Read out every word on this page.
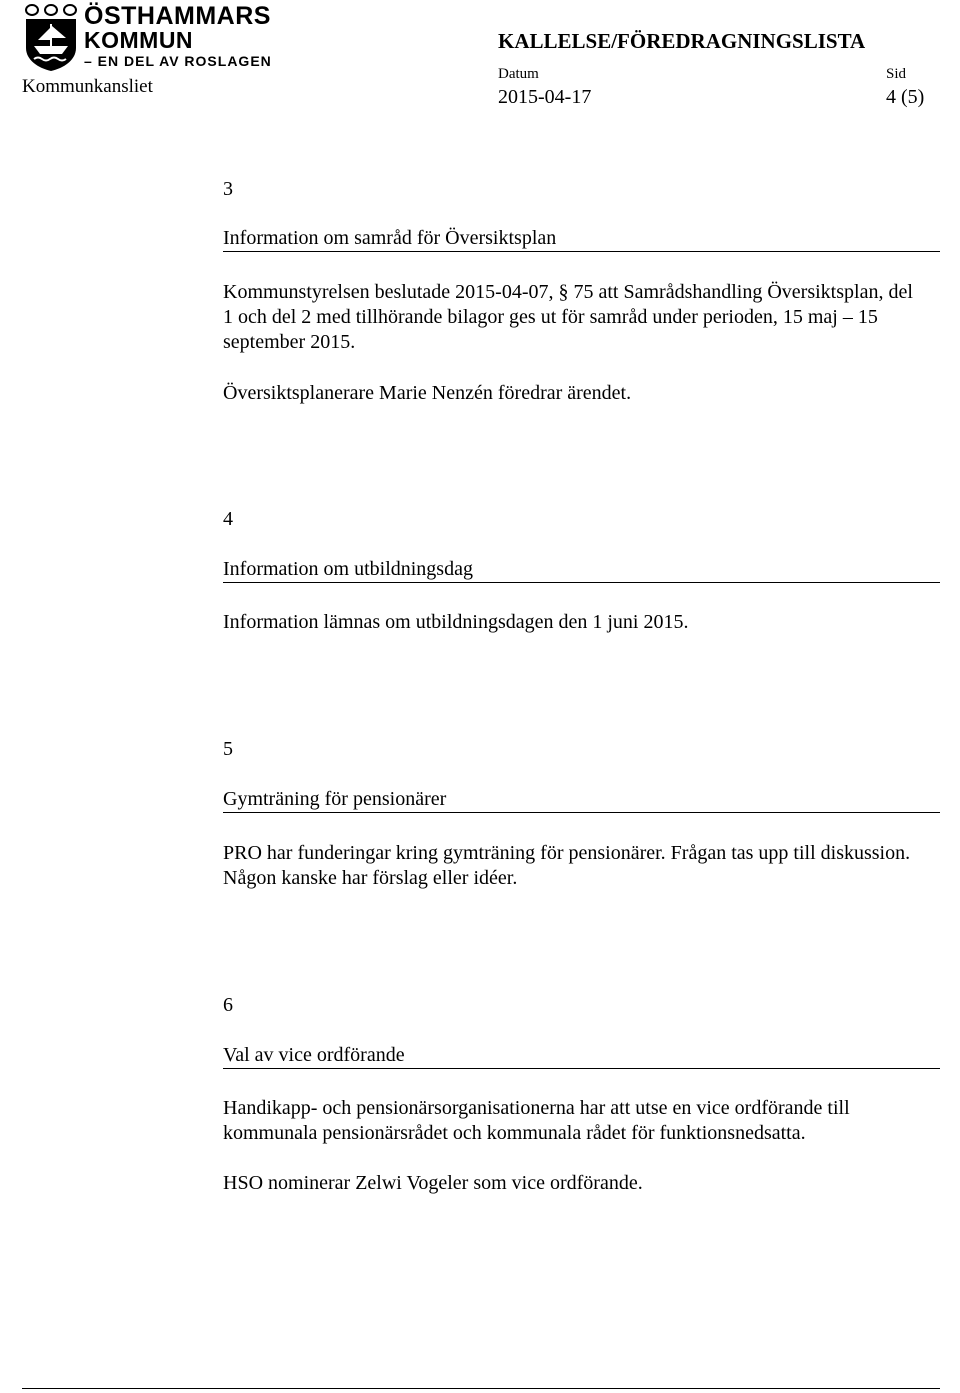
ÖSTHAMMARS
KOMMUN
– EN DEL AV ROSLAGEN
Kommunkansliet
KALLELSE/FÖREDRAGNINGSLISTA
Datum	Sid
2015-04-17	4 (5)
3
Information om samråd för Översiktsplan
Kommunstyrelsen beslutade 2015-04-07, § 75 att Samrådshandling Översiktsplan, del 1 och del 2 med tillhörande bilagor ges ut för samråd under perioden, 15 maj – 15 september 2015.
Översiktsplanerare Marie Nenzén föredrar ärendet.
4
Information om utbildningsdag
Information lämnas om utbildningsdagen den 1 juni 2015.
5
Gymträning för pensionärer
PRO har funderingar kring gymträning för pensionärer. Frågan tas upp till diskussion. Någon kanske har förslag eller idéer.
6
Val av vice ordförande
Handikapp- och pensionärsorganisationerna har att utse en vice ordförande till kommunala pensionärsrådet och kommunala rådet för funktionsnedsatta.
HSO nominerar Zelwi Vogeler som vice ordförande.
